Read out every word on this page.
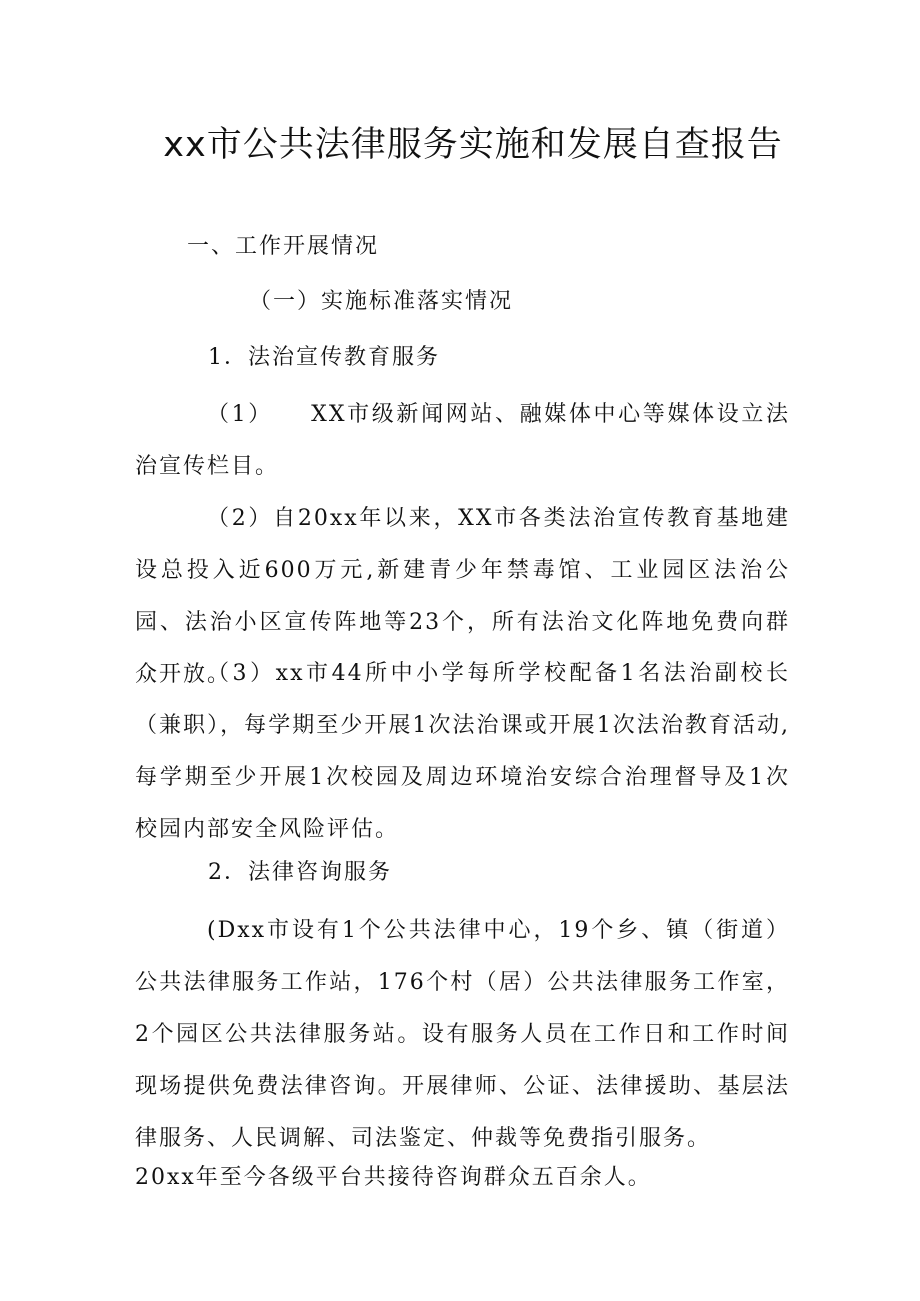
xx市公共法律服务实施和发展自查报告

一、工作开展情况

（一）实施标准落实情况

1．法治宣传教育服务

（1）　　XX市级新闻网站、融媒体中心等媒体设立法治宣传栏目。

（2）自20xx年以来，XX市各类法治宣传教育基地建设总投入近600万元,新建青少年禁毒馆、工业园区法治公园、法治小区宣传阵地等23个，所有法治文化阵地免费向群众开放。

（3）xx市44所中小学每所学校配备1名法治副校长（兼职），每学期至少开展1次法治课或开展1次法治教育活动,每学期至少开展1次校园及周边环境治安综合治理督导及1次校园内部安全风险评估。

2．法律咨询服务

(Dxx市设有1个公共法律中心，19个乡、镇（街道）公共法律服务工作站，176个村（居）公共法律服务工作室，2个园区公共法律服务站。设有服务人员在工作日和工作时间现场提供免费法律咨询。开展律师、公证、法律援助、基层法律服务、人民调解、司法鉴定、仲裁等免费指引服务。

20xx年至今各级平台共接待咨询群众五百余人。
